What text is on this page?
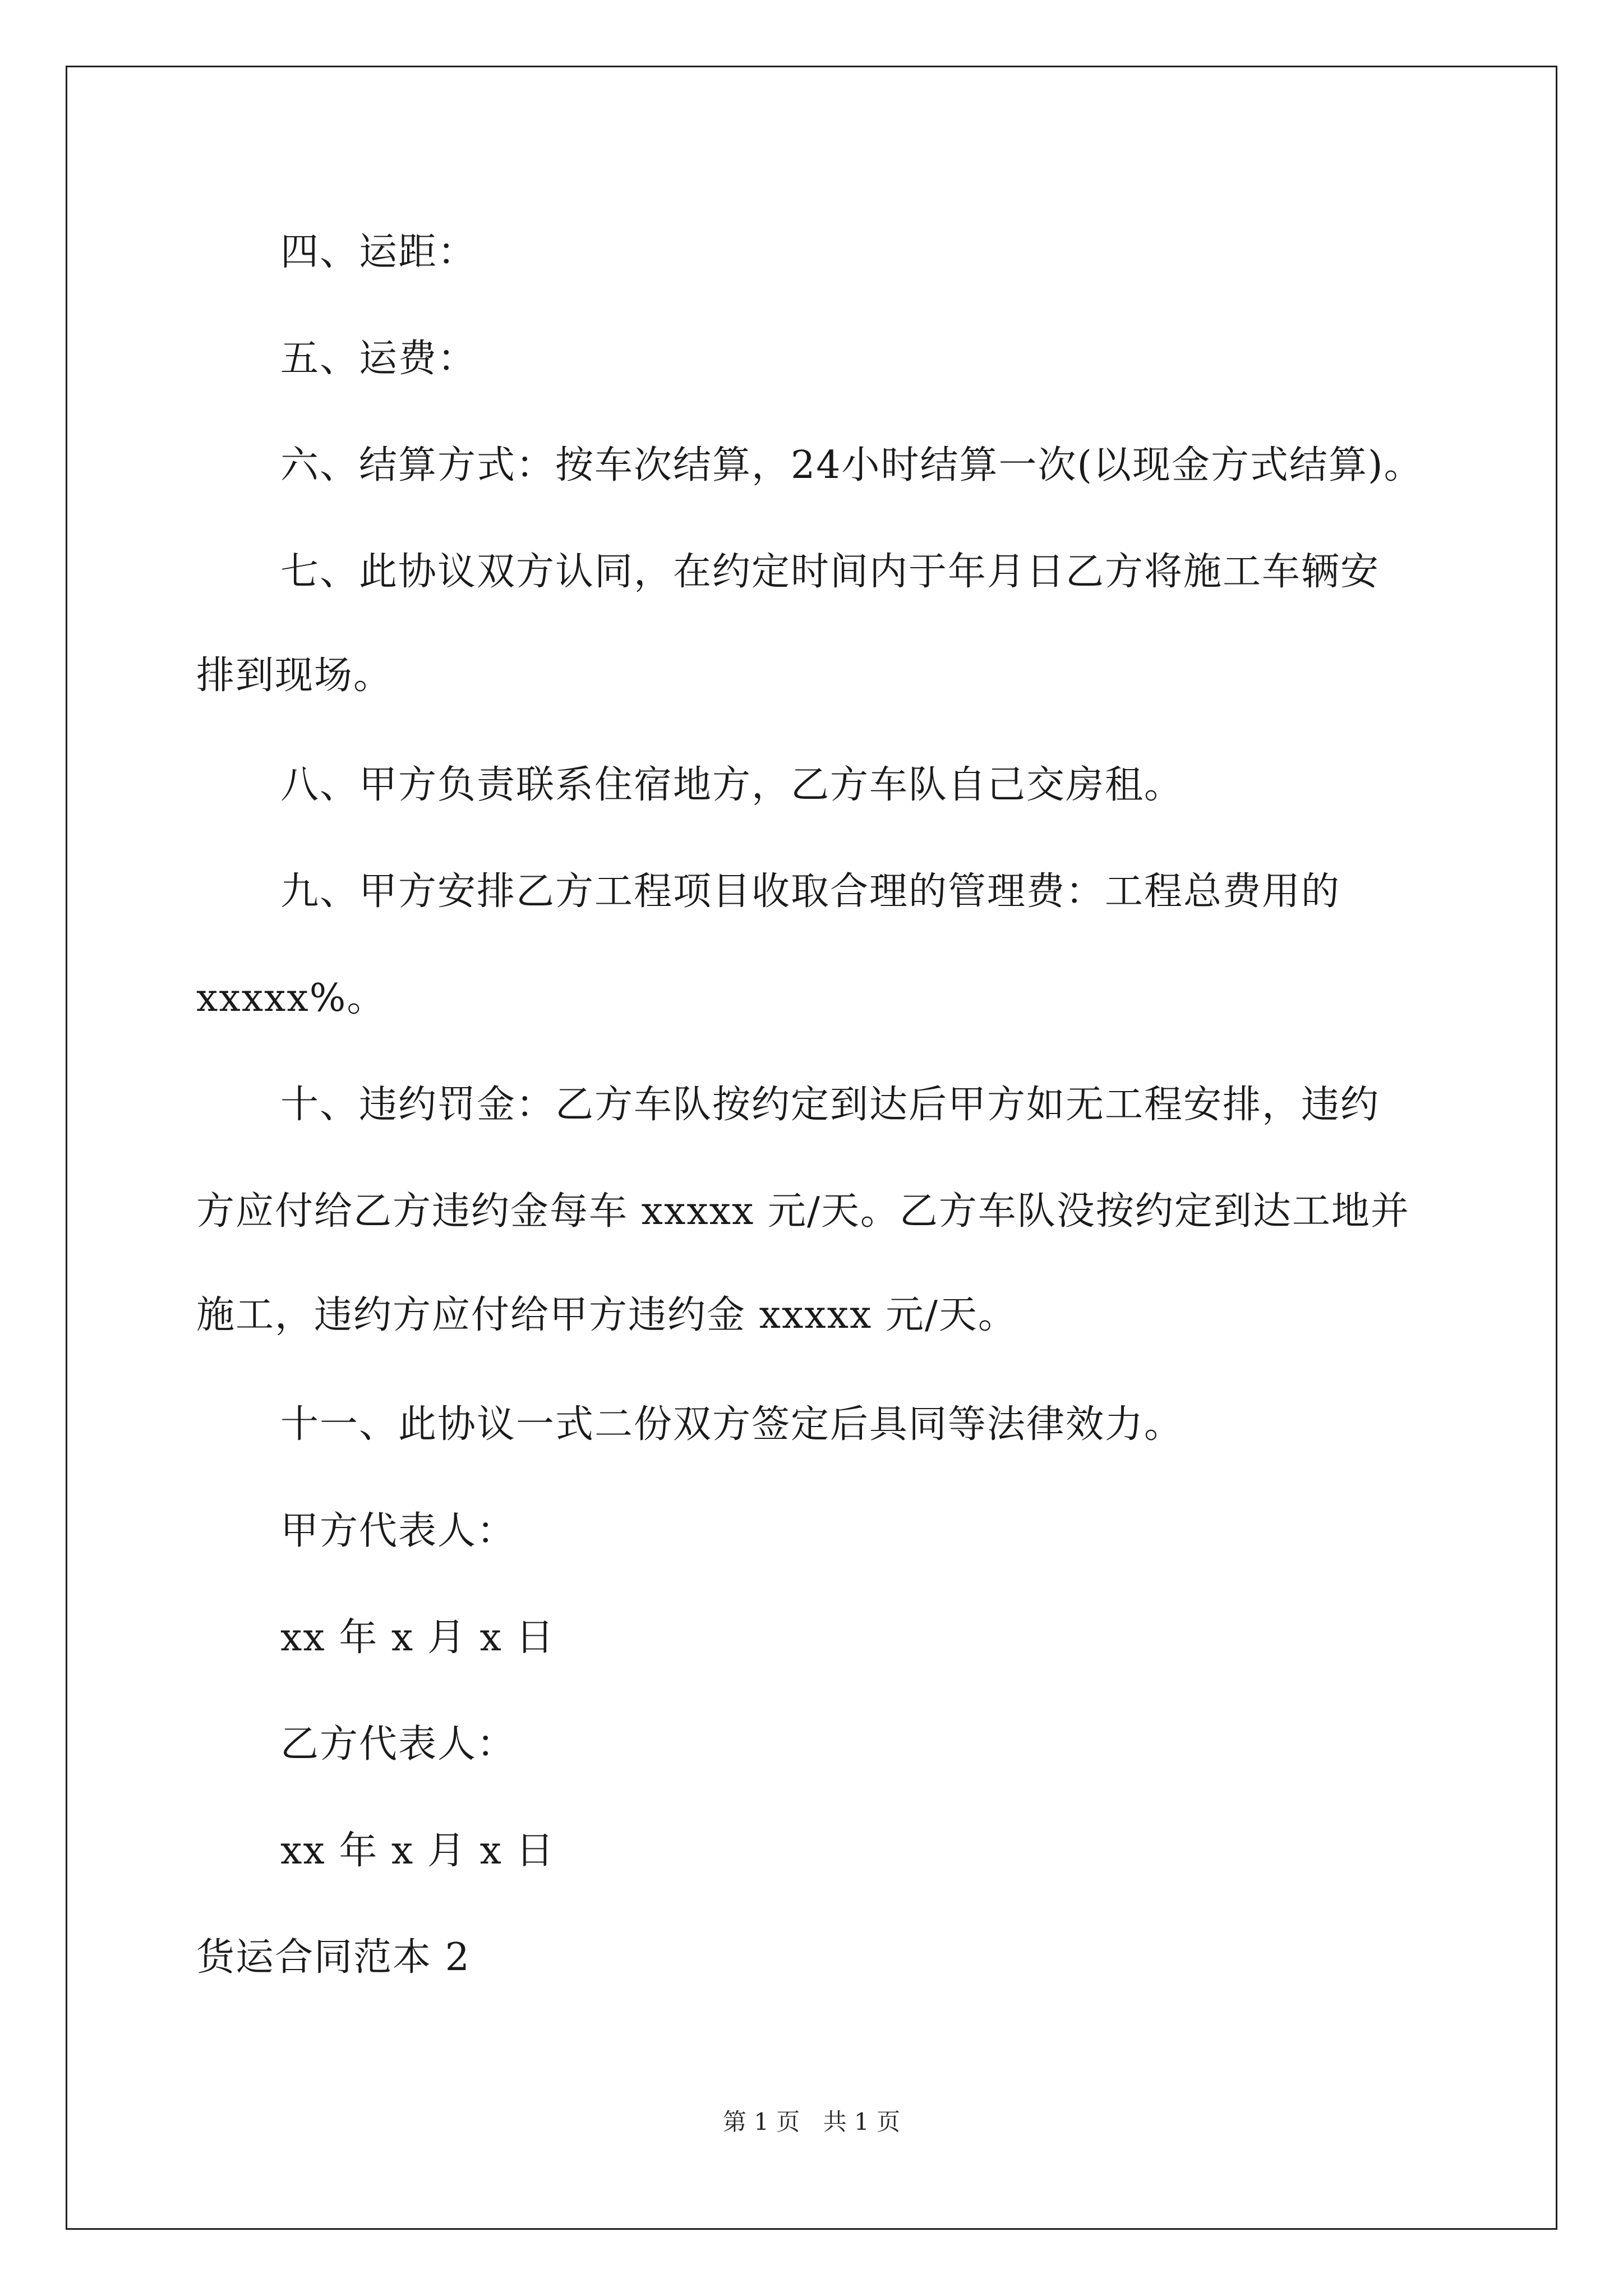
四、运距：
五、运费：
六、结算方式：按车次结算，24小时结算一次(以现金方式结算)。
七、此协议双方认同，在约定时间内于年月日乙方将施工车辆安
排到现场。
八、甲方负责联系住宿地方，乙方车队自己交房租。
九、甲方安排乙方工程项目收取合理的管理费：工程总费用的
xxxxx%。
十、违约罚金：乙方车队按约定到达后甲方如无工程安排，违约
方应付给乙方违约金每车 xxxxx 元/天。乙方车队没按约定到达工地并
施工，违约方应付给甲方违约金 xxxxx 元/天。
十一、此协议一式二份双方签定后具同等法律效力。
甲方代表人：
xx 年 x 月 x 日
乙方代表人：
xx 年 x 月 x 日
货运合同范本 2
第 1 页 共 1 页
